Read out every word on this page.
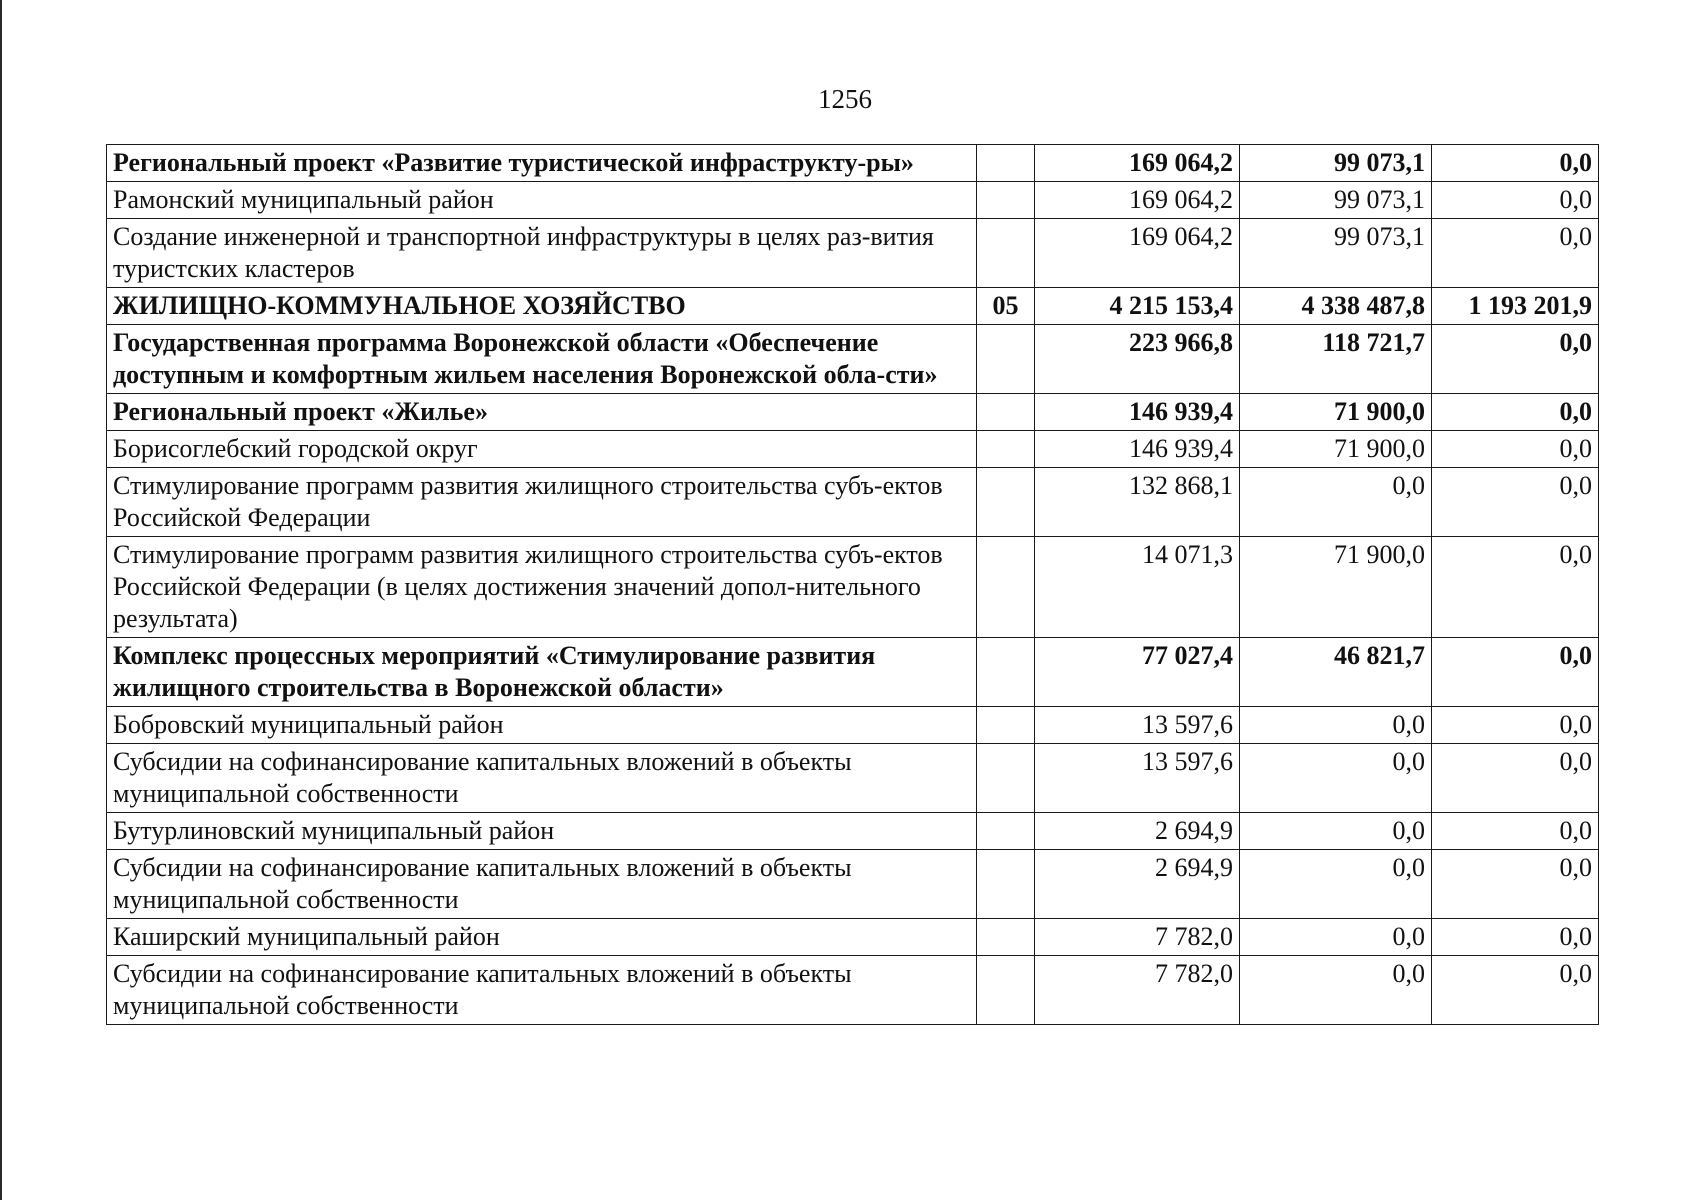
1256
Региональный проект «Развитие туристической инфраструкту-ры»		169 064,2	99 073,1	0,0
Рамонский муниципальный район		169 064,2	99 073,1	0,0
Создание инженерной и транспортной инфраструктуры в целях раз-вития туристских кластеров		169 064,2	99 073,1	0,0
ЖИЛИЩНО-КОММУНАЛЬНОЕ ХОЗЯЙСТВО	05	4 215 153,4	4 338 487,8	1 193 201,9
Государственная программа Воронежской области «Обеспечение доступным и комфортным жильем населения Воронежской обла-сти»		223 966,8	118 721,7	0,0
Региональный проект «Жилье»		146 939,4	71 900,0	0,0
Борисоглебский городской округ		146 939,4	71 900,0	0,0
Стимулирование программ развития жилищного строительства субъ-ектов Российской Федерации		132 868,1	0,0	0,0
Стимулирование программ развития жилищного строительства субъ-ектов Российской Федерации (в целях достижения значений допол-нительного результата)		14 071,3	71 900,0	0,0
Комплекс процессных мероприятий «Стимулирование развития жилищного строительства в Воронежской области»		77 027,4	46 821,7	0,0
Бобровский муниципальный район		13 597,6	0,0	0,0
Субсидии на софинансирование капитальных вложений в объекты муниципальной собственности		13 597,6	0,0	0,0
Бутурлиновский муниципальный район		2 694,9	0,0	0,0
Субсидии на софинансирование капитальных вложений в объекты муниципальной собственности		2 694,9	0,0	0,0
Каширский муниципальный район		7 782,0	0,0	0,0
Субсидии на софинансирование капитальных вложений в объекты муниципальной собственности		7 782,0	0,0	0,0
